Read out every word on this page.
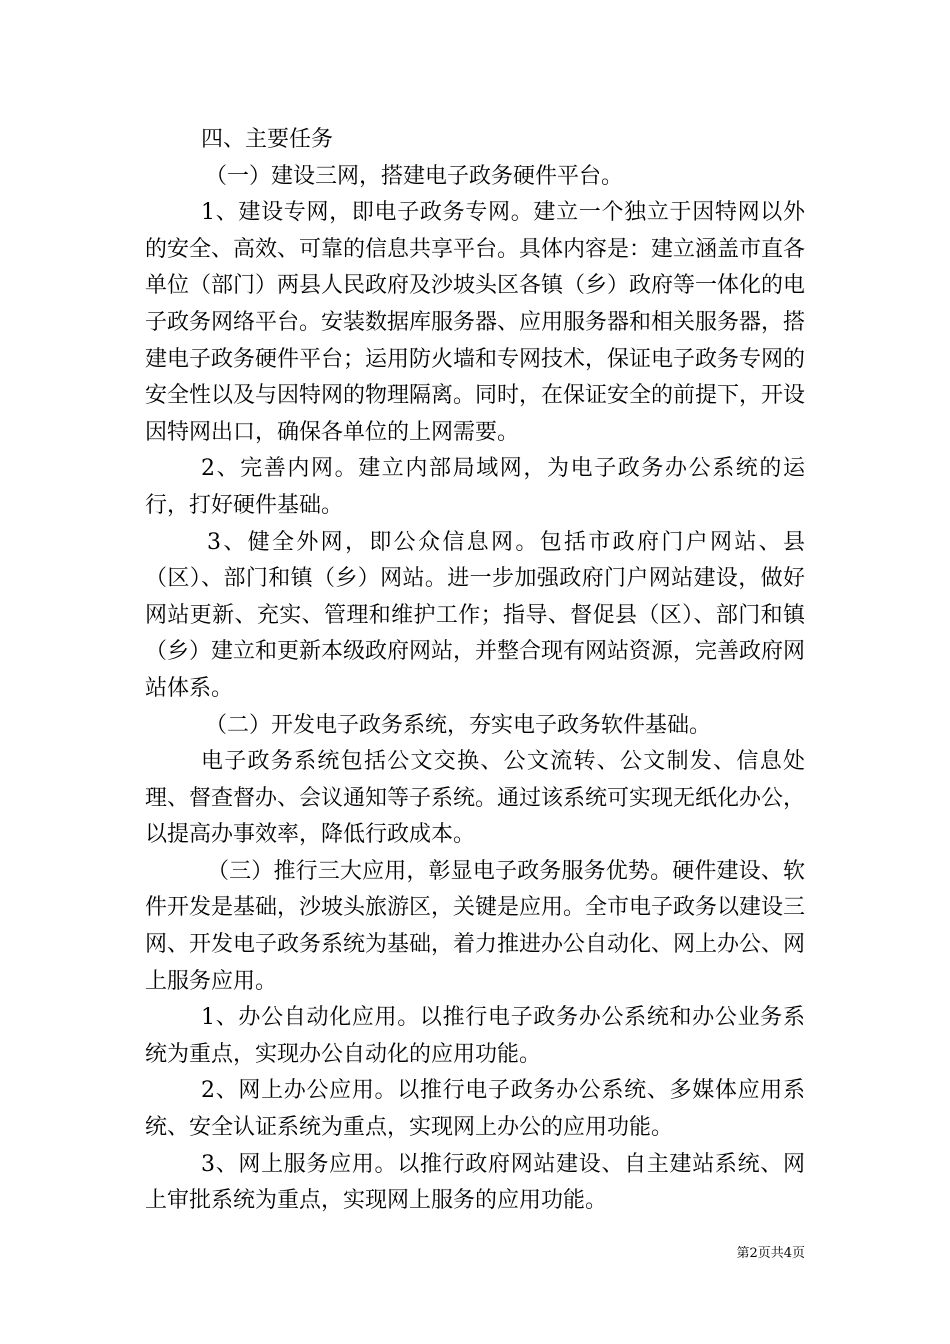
四、主要任务

（一）建设三网，搭建电子政务硬件平台。

1、建设专网，即电子政务专网。建立一个独立于因特网以外的安全、高效、可靠的信息共享平台。具体内容是：建立涵盖市直各单位（部门）两县人民政府及沙坡头区各镇（乡）政府等一体化的电子政务网络平台。安装数据库服务器、应用服务器和相关服务器，搭建电子政务硬件平台；运用防火墙和专网技术，保证电子政务专网的安全性以及与因特网的物理隔离。同时，在保证安全的前提下，开设因特网出口，确保各单位的上网需要。

2、完善内网。建立内部局域网，为电子政务办公系统的运行，打好硬件基础。

3、健全外网，即公众信息网。包括市政府门户网站、县（区）、部门和镇（乡）网站。进一步加强政府门户网站建设，做好网站更新、充实、管理和维护工作；指导、督促县（区）、部门和镇（乡）建立和更新本级政府网站，并整合现有网站资源，完善政府网站体系。

（二）开发电子政务系统，夯实电子政务软件基础。

电子政务系统包括公文交换、公文流转、公文制发、信息处理、督查督办、会议通知等子系统。通过该系统可实现无纸化办公，以提高办事效率，降低行政成本。

（三）推行三大应用，彰显电子政务服务优势。硬件建设、软件开发是基础，沙坡头旅游区，关键是应用。全市电子政务以建设三网、开发电子政务系统为基础，着力推进办公自动化、网上办公、网上服务应用。

1、办公自动化应用。以推行电子政务办公系统和办公业务系统为重点，实现办公自动化的应用功能。

2、网上办公应用。以推行电子政务办公系统、多媒体应用系统、安全认证系统为重点，实现网上办公的应用功能。

3、网上服务应用。以推行政府网站建设、自主建站系统、网上审批系统为重点，实现网上服务的应用功能。

第2页共4页
